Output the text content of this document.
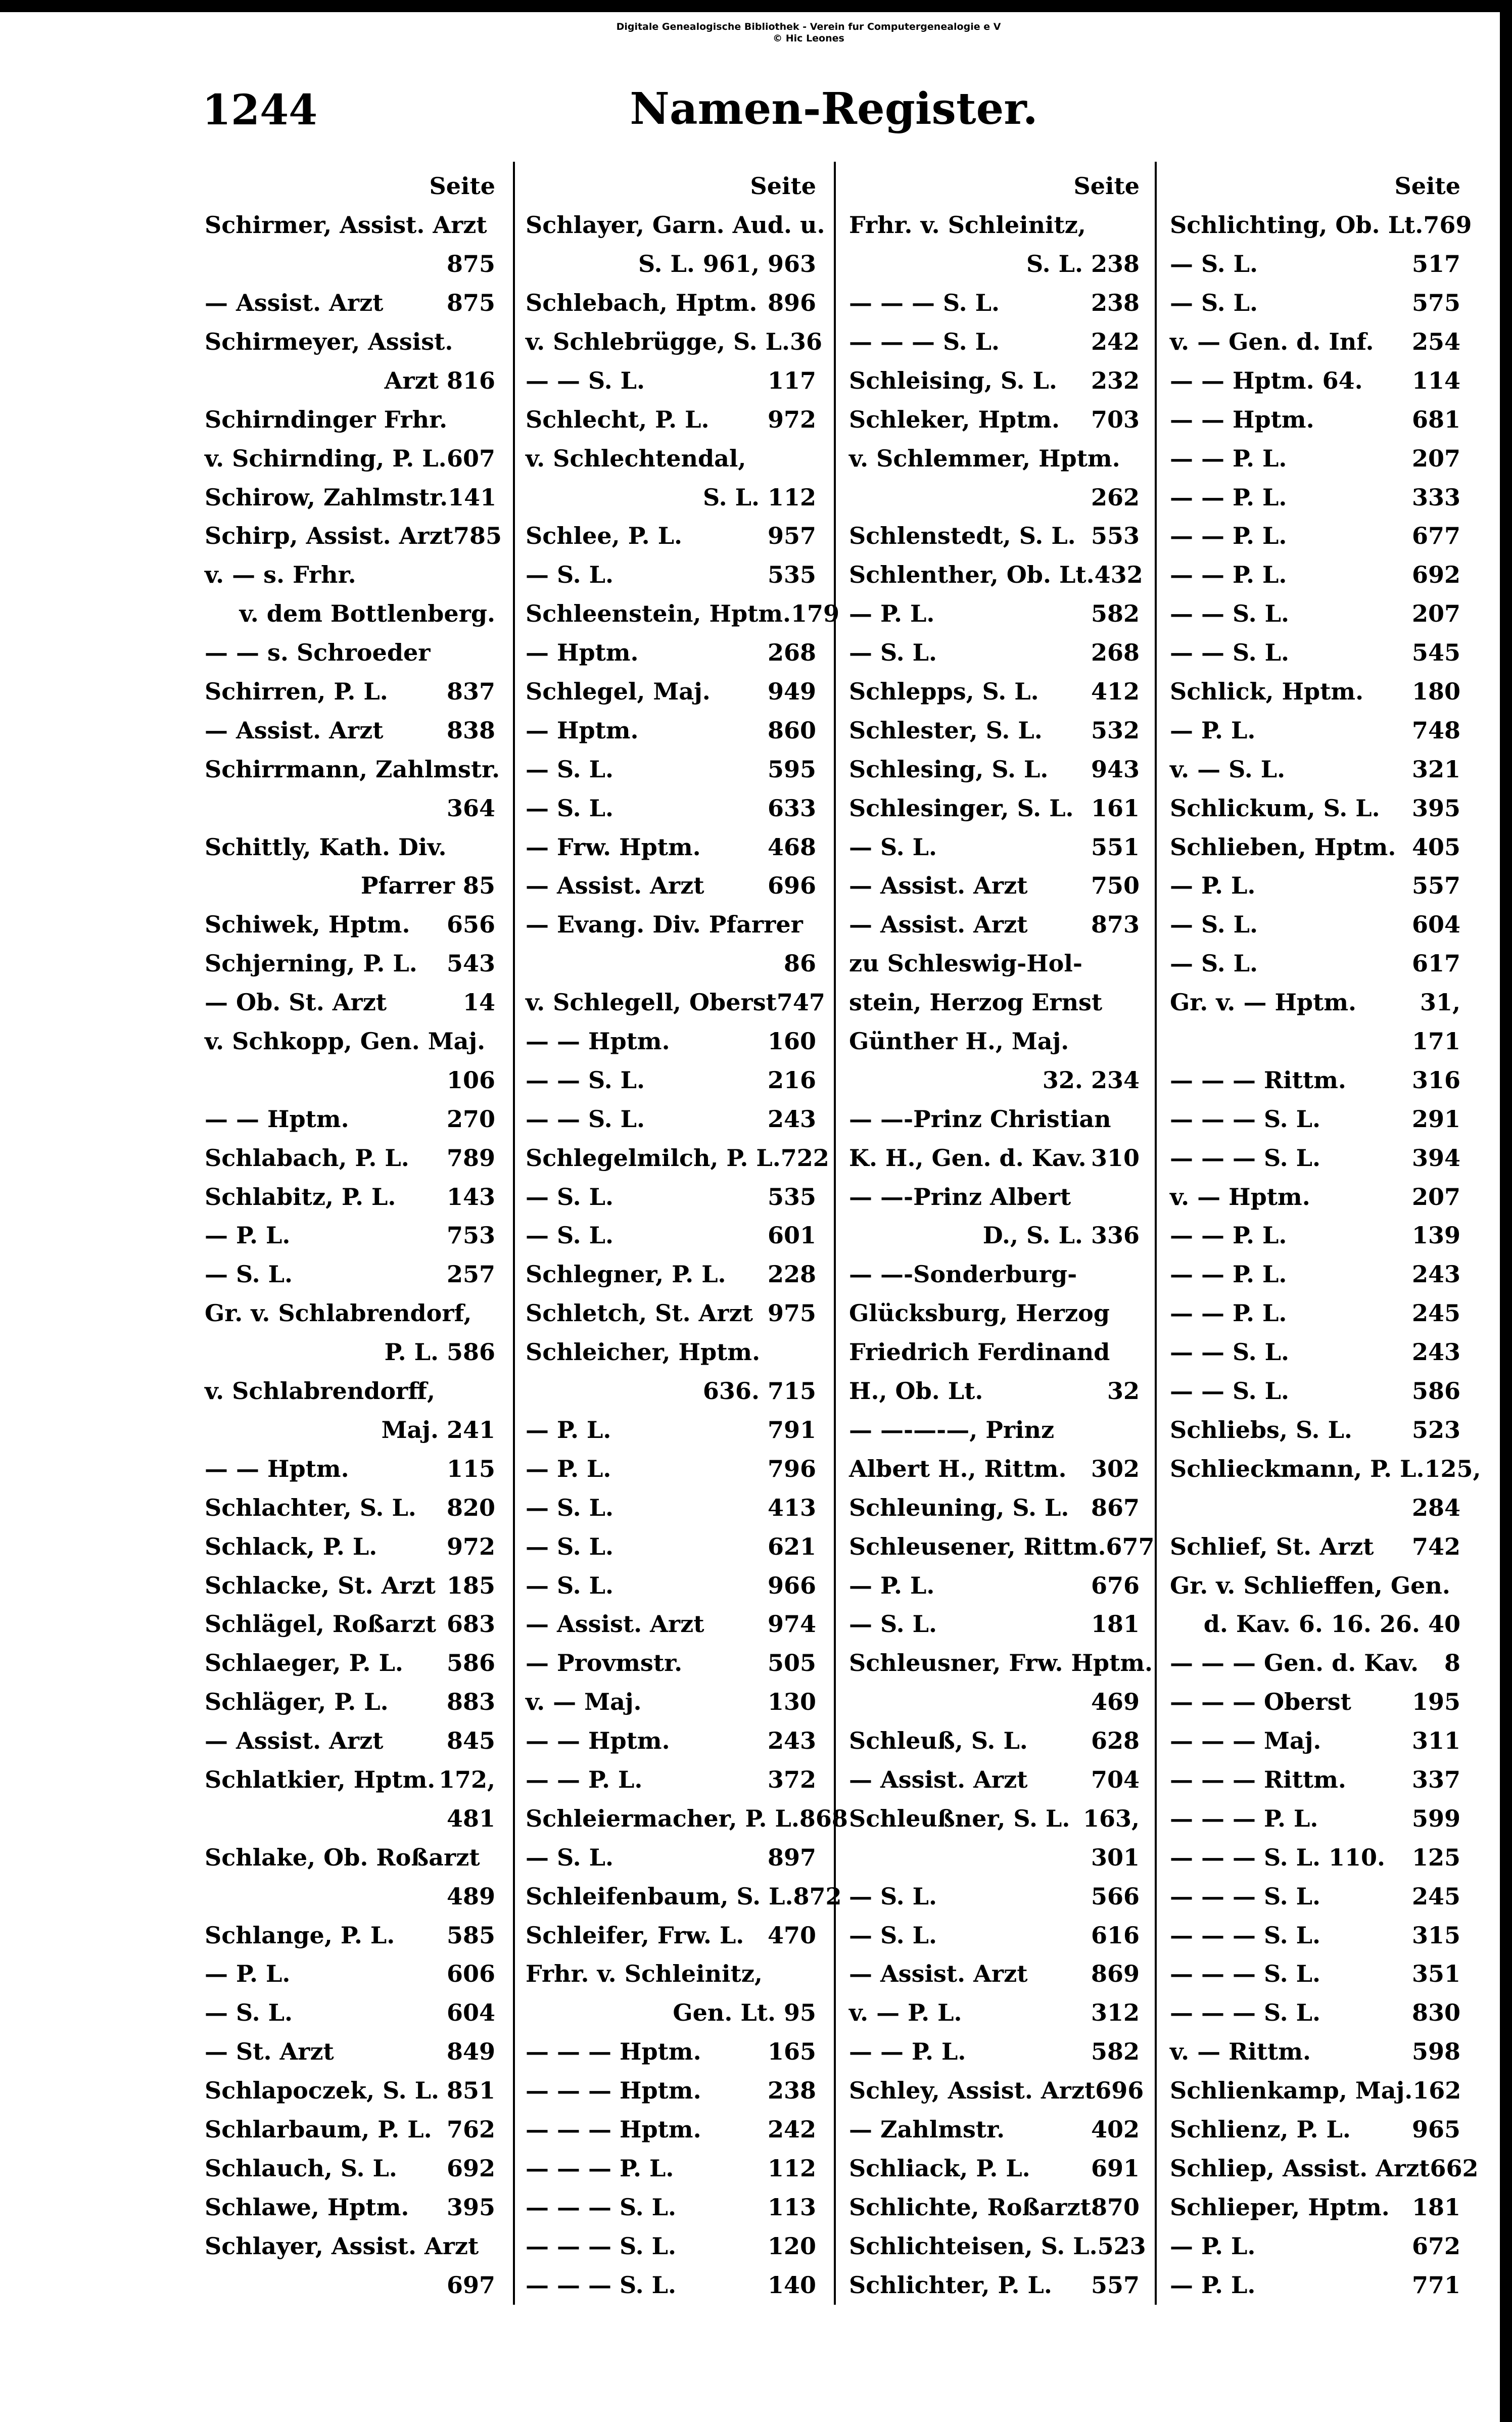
Digitale Genealogische Bibliothek - Verein fur Computergenealogie e V
© Hic Leones
1244	Namen-Register.
Seite
Schirmer, Assist. Arzt
875
— Assist. Arzt	875
Schirmeyer, Assist.
Arzt 816
Schirndinger Frhr.
v. Schirnding, P. L. 607
Schirow, Zahlmstr. 141
Schirp, Assist. Arzt 785
v. — s. Frhr.
v. dem Bottlenberg.
— — s. Schroeder
Schirren, P. L.	837
— Assist. Arzt	838
Schirrmann, Zahlmstr.
364
Schittly, Kath. Div.
Pfarrer 85
Schiwek, Hptm. 656
Schjerning, P. L. 543
— Ob. St. Arzt	14
v. Schkopp, Gen. Maj.
106
— — Hptm.	270
Schlabach, P. L. 789
Schlabitz, P. L. 143
— P. L.	753
— S. L.	257
Gr. v. Schlabrendorf,
P. L. 586
v. Schlabrendorff,
Maj. 241
— — Hptm.	115
Schlachter, S. L. 820
Schlack, P. L.	972
Schlacke, St. Arzt 185
Schlägel, Roßarzt 683
Schlaeger, P. L. 586
Schläger, P. L.	883
— Assist. Arzt	845
Schlatkier, Hptm. 172,
481
Schlake, Ob. Roßarzt
489
Schlange, P. L. 585
— P. L.	606
— S. L.	604
— St. Arzt	849
Schlapoczek, S. L. 851
Schlarbaum, P. L. 762
Schlauch, S. L. 692
Schlawe, Hptm. 395
Schlayer, Assist. Arzt
697
Seite
Schlayer, Garn. Aud. u.
S. L. 961, 963
Schlebach, Hptm. 896
v. Schlebrügge, S. L. 36
— — S. L.	117
Schlecht, P. L.	972
v. Schlechtendal,
S. L. 112
Schlee, P. L.	957
— S. L.	535
Schleenstein, Hptm. 179
— Hptm.	268
Schlegel, Maj. 949
— Hptm.	860
— S. L.	595
— S. L.	633
— Frw. Hptm.	468
— Assist. Arzt	696
— Evang. Div. Pfarrer
86
v. Schlegell, Oberst 747
— — Hptm.	160
— — S. L.	216
— — S. L.	243
Schlegelmilch, P. L. 722
— S. L.	535
— S. L.	601
Schlegner, P. L. 228
Schletch, St. Arzt 975
Schleicher, Hptm.
636. 715
— P. L.	791
— P. L.	796
— S. L.	413
— S. L.	621
— S. L.	966
— Assist. Arzt	974
— Provmstr.	505
v. — Maj.	130
— — Hptm.	243
— — P. L.	372
Schleiermacher, P. L. 868
— S. L.	897
Schleifenbaum, S. L. 872
Schleifer, Frw. L. 470
Frhr. v. Schleinitz,
Gen. Lt. 95
— — — Hptm.	165
— — — Hptm.	238
— — — Hptm.	242
— — — P. L.	112
— — — S. L.	113
— — — S. L.	120
— — — S. L.	140
Seite
Frhr. v. Schleinitz,
S. L. 238
— — — S. L.	238
— — — S. L.	242
Schleising, S. L. 232
Schleker, Hptm. 703
v. Schlemmer, Hptm.
262
Schlenstedt, S. L. 553
Schlenther, Ob. Lt. 432
— P. L.	582
— S. L.	268
Schlepps, S. L. 412
Schlester, S. L. 532
Schlesing, S. L. 943
Schlesinger, S. L. 161
— S. L.	551
— Assist. Arzt	750
— Assist. Arzt	873
zu Schleswig-Hol-
stein, Herzog Ernst
Günther H., Maj.
32. 234
— —-Prinz Christian
K. H., Gen. d. Kav. 310
— —-Prinz Albert
D., S. L. 336
— —-Sonderburg-
Glücksburg, Herzog
Friedrich Ferdinand
H., Ob. Lt.	32
— —-—-—, Prinz
Albert H., Rittm. 302
Schleuning, S. L. 867
Schleusener, Rittm. 677
— P. L.	676
— S. L.	181
Schleusner, Frw. Hptm.
469
Schleuß, S. L.	628
— Assist. Arzt	704
Schleußner, S. L. 163,
301
— S. L.	566
— S. L.	616
— Assist. Arzt	869
v. — P. L.	312
— — P. L.	582
Schley, Assist. Arzt 696
— Zahlmstr.	402
Schliack, P. L.	691
Schlichte, Roßarzt 870
Schlichteisen, S. L. 523
Schlichter, P. L. 557
Seite
Schlichting, Ob. Lt. 769
— S. L.	517
— S. L.	575
v. — Gen. d. Inf. 254
— — Hptm. 64. 114
— — Hptm.	681
— — P. L.	207
— — P. L.	333
— — P. L.	677
— — P. L.	692
— — S. L.	207
— — S. L.	545
Schlick, Hptm. 180
— P. L.	748
v. — S. L.	321
Schlickum, S. L. 395
Schlieben, Hptm. 405
— P. L.	557
— S. L.	604
— S. L.	617
Gr. v. — Hptm.	31,
171
— — — Rittm.	316
— — — S. L.	291
— — — S. L.	394
v. — Hptm.	207
— — P. L.	139
— — P. L.	243
— — P. L.	245
— — S. L.	243
— — S. L.	586
Schliebs, S. L.	523
Schlieckmann, P. L. 125,
284
Schlief, St. Arzt 742
Gr. v. Schlieffen, Gen.
d. Kav. 6. 16. 26. 40
— — — Gen. d. Kav. 8
— — — Oberst	195
— — — Maj.	311
— — — Rittm.	337
— — — P. L.	599
— — — S. L. 110. 125
— — — S. L.	245
— — — S. L.	315
— — — S. L.	351
— — — S. L.	830
v. — Rittm.	598
Schlienkamp, Maj. 162
Schlienz, P. L.	965
Schliep, Assist. Arzt 662
Schlieper, Hptm. 181
— P. L.	672
— P. L.	771
